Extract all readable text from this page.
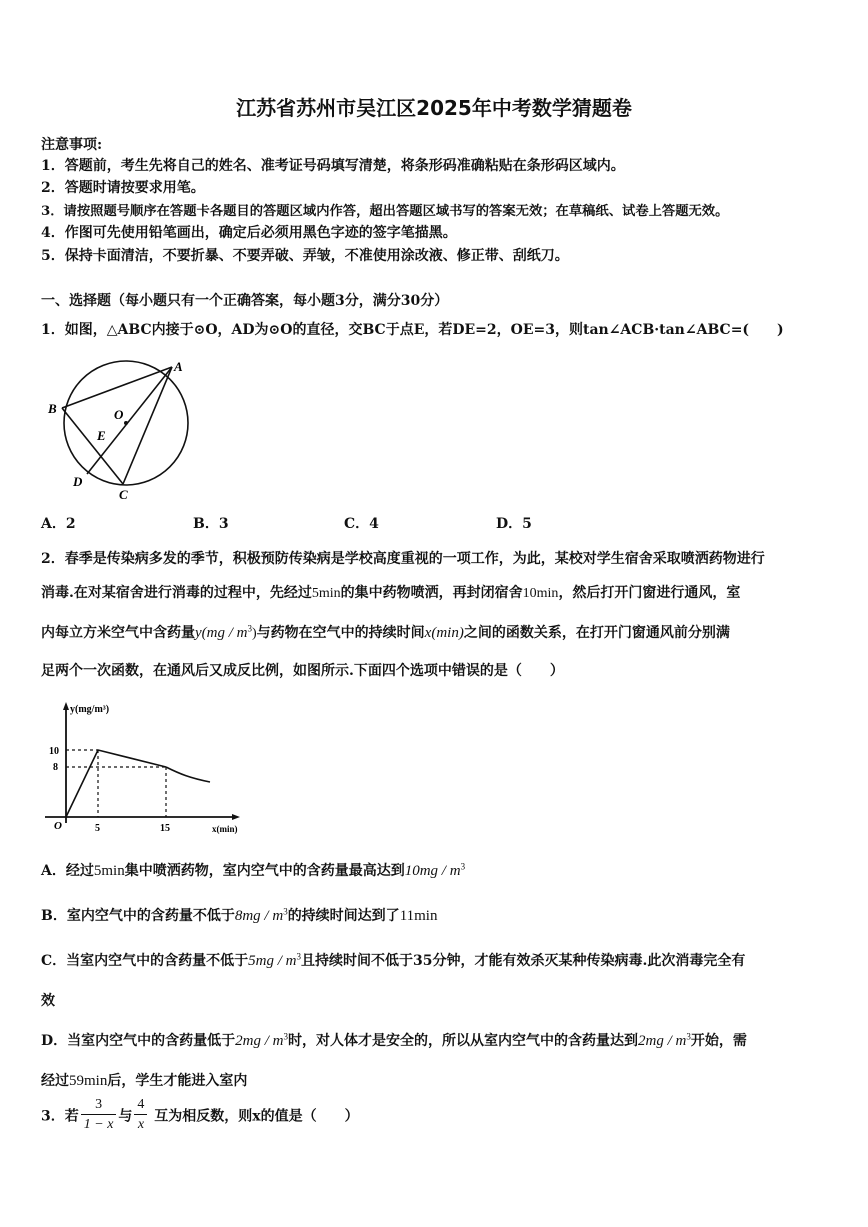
江苏省苏州市吴江区2025年中考数学猜题卷
注意事项:
1．答题前，考生先将自己的姓名、准考证号码填写清楚，将条形码准确粘贴在条形码区域内。
2．答题时请按要求用笔。
3．请按照题号顺序在答题卡各题目的答题区域内作答，超出答题区域书写的答案无效；在草稿纸、试卷上答题无效。
4．作图可先使用铅笔画出，确定后必须用黑色字迹的签字笔描黑。
5．保持卡面清洁，不要折暴、不要弄破、弄皱，不准使用涂改液、修正带、刮纸刀。
一、选择题（每小题只有一个正确答案，每小题3分，满分30分）
1．如图，△ABC内接于⊙O，AD为⊙O的直径，交BC于点E，若DE=2，OE=3，则tan∠ACB·tan∠ABC=(　　)
A
B
C
D
E
O
A．2	B．3	C．4	D．5
2．春季是传染病多发的季节，积极预防传染病是学校高度重视的一项工作，为此，某校对学生宿舍采取喷洒药物进行
消毒.在对某宿舍进行消毒的过程中，先经过5min的集中药物喷洒，再封闭宿舍10min，然后打开门窗进行通风，室
内每立方米空气中含药量$y(mg / m^3)$与药物在空气中的持续时间x(min)之间的函数关系，在打开门窗通风前分别满
足两个一次函数，在通风后又成反比例，如图所示.下面四个选项中错误的是（　　）
y(mg/m³)
10
8
O	5	15	x(min)
A．经过5min集中喷洒药物，室内空气中的含药量最高达到$10mg / m^3$
B．室内空气中的含药量不低于$8mg / m^3$的持续时间达到了11min
C．当室内空气中的含药量不低于$5mg / m^3$且持续时间不低于35分钟，才能有效杀灭某种传染病毒.此次消毒完全有
效
D．当室内空气中的含药量低于$2mg / m^3$时，对人体才是安全的，所以从室内空气中的含药量达到$2mg / m^3$开始，需
经过59min后，学生才能进入室内
3．若 $\frac{3}{1 - x}$ 与 $\frac{4}{x}$ 互为相反数，则x的值是（　　）
